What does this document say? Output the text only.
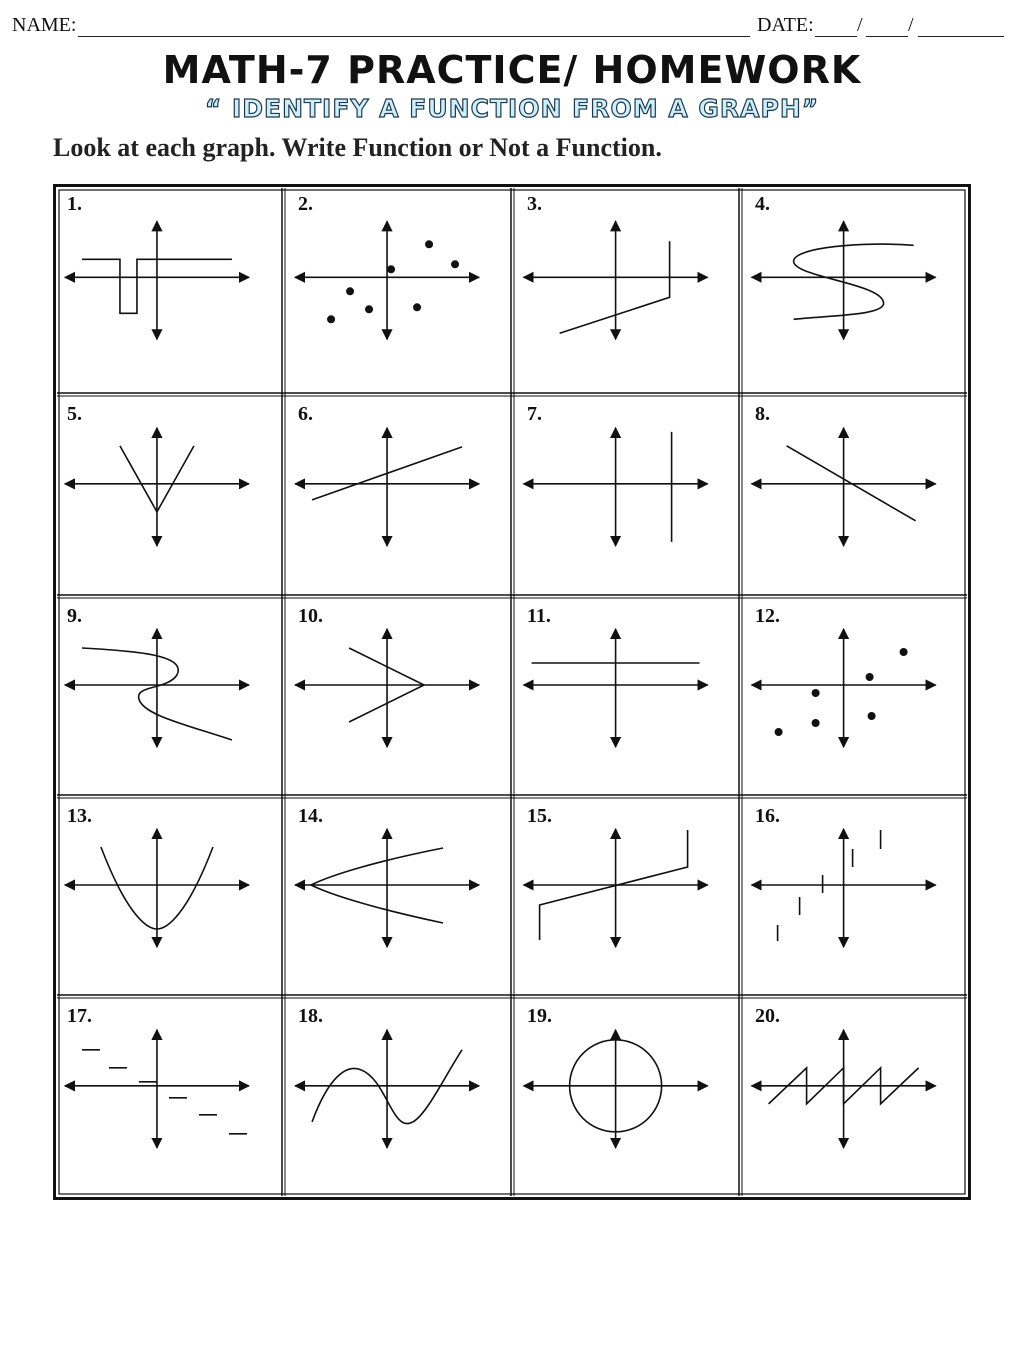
NAME:	DATE: / /
MATH-7 PRACTICE/ HOMEWORK
“ IDENTIFY A FUNCTION FROM A GRAPH”
Look at each graph. Write Function or Not a Function.
1.	2.	3.	4.
5.	6.	7.	8.
9.	10.	11.	12.
13.	14.	15.	16.
17.	18.	19.	20.
